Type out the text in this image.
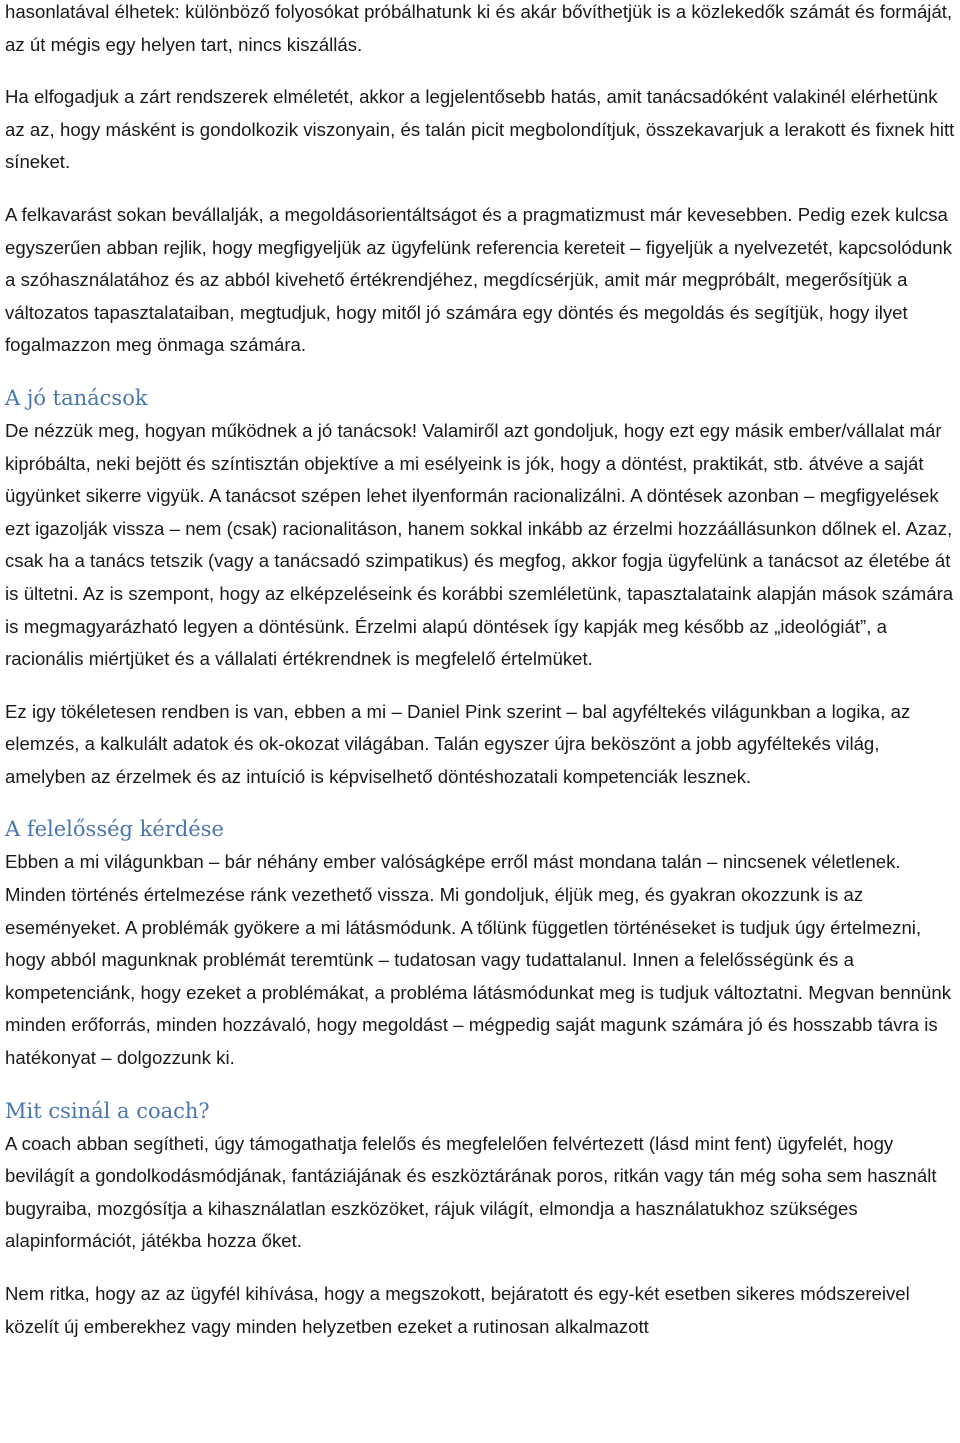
hasonlatával élhetek: különböző folyosókat próbálhatunk ki és akár bővíthetjük is a közlekedők számát és formáját, az út mégis egy helyen tart, nincs kiszállás.

Ha elfogadjuk a zárt rendszerek elméletét, akkor a legjelentősebb hatás, amit tanácsadóként valakinél elérhetünk az az, hogy másként is gondolkozik viszonyain, és talán picit megbolondítjuk, összekavarjuk a lerakott és fixnek hitt síneket.

A felkavarást sokan bevállalják, a megoldásorientáltságot és a pragmatizmust már kevesebben. Pedig ezek kulcsa egyszerűen abban rejlik, hogy megfigyeljük az ügyfelünk referencia kereteit – figyeljük a nyelvezetét, kapcsolódunk a szóhasználatához és az abból kivehető értékrendjéhez, megdícsérjük, amit már megpróbált, megerősítjük a változatos tapasztalataiban, megtudjuk, hogy mitől jó számára egy döntés és megoldás és segítjük, hogy ilyet fogalmazzon meg önmaga számára.

A jó tanácsok

De nézzük meg, hogyan működnek a jó tanácsok! Valamiről azt gondoljuk, hogy ezt egy másik ember/vállalat már kipróbálta, neki bejött és színtisztán objektíve a mi esélyeink is jók, hogy a döntést, praktikát, stb. átvéve a saját ügyünket sikerre vigyük. A tanácsot szépen lehet ilyenformán racionalizálni. A döntések azonban – megfigyelések ezt igazolják vissza – nem (csak) racionalitáson, hanem sokkal inkább az érzelmi hozzáállásunkon dőlnek el. Azaz, csak ha a tanács tetszik (vagy a tanácsadó szimpatikus) és megfog, akkor fogja ügyfelünk a tanácsot az életébe át is ültetni. Az is szempont, hogy az elképzeléseink és korábbi szemléletünk, tapasztalataink alapján mások számára is megmagyarázható legyen a döntésünk. Érzelmi alapú döntések így kapják meg később az „ideológiát”, a racionális miértjüket és a vállalati értékrendnek is megfelelő értelmüket.

Ez igy tökéletesen rendben is van, ebben a mi – Daniel Pink szerint – bal agyféltekés világunkban a logika, az elemzés, a kalkulált adatok és ok-okozat világában. Talán egyszer újra beköszönt a jobb agyféltekés világ, amelyben az érzelmek és az intuíció is képviselhető döntéshozatali kompetenciák lesznek.

A felelősség kérdése

Ebben a mi világunkban – bár néhány ember valóságképe erről mást mondana talán – nincsenek véletlenek. Minden történés értelmezése ránk vezethető vissza. Mi gondoljuk, éljük meg, és gyakran okozzunk is az eseményeket. A problémák gyökere a mi látásmódunk. A tőlünk független történéseket is tudjuk úgy értelmezni, hogy abból magunknak problémát teremtünk – tudatosan vagy tudattalanul. Innen a felelősségünk és a kompetenciánk, hogy ezeket a problémákat, a probléma látásmódunkat meg is tudjuk változtatni. Megvan bennünk minden erőforrás, minden hozzávaló, hogy megoldást – mégpedig saját magunk számára jó és hosszabb távra is hatékonyat – dolgozzunk ki.

Mit csinál a coach?

A coach abban segítheti, úgy támogathatja felelős és megfelelően felvértezett (lásd mint fent) ügyfelét, hogy bevilágít a gondolkodásmódjának, fantáziájának és eszköztárának poros, ritkán vagy tán még soha sem használt bugyraiba, mozgósítja a kihasználatlan eszközöket, rájuk világít, elmondja a használatukhoz szükséges alapinformációt, játékba hozza őket.

Nem ritka, hogy az az ügyfél kihívása, hogy a megszokott, bejáratott és egy-két esetben sikeres módszereivel közelít új emberekhez vagy minden helyzetben ezeket a rutinosan alkalmazott
